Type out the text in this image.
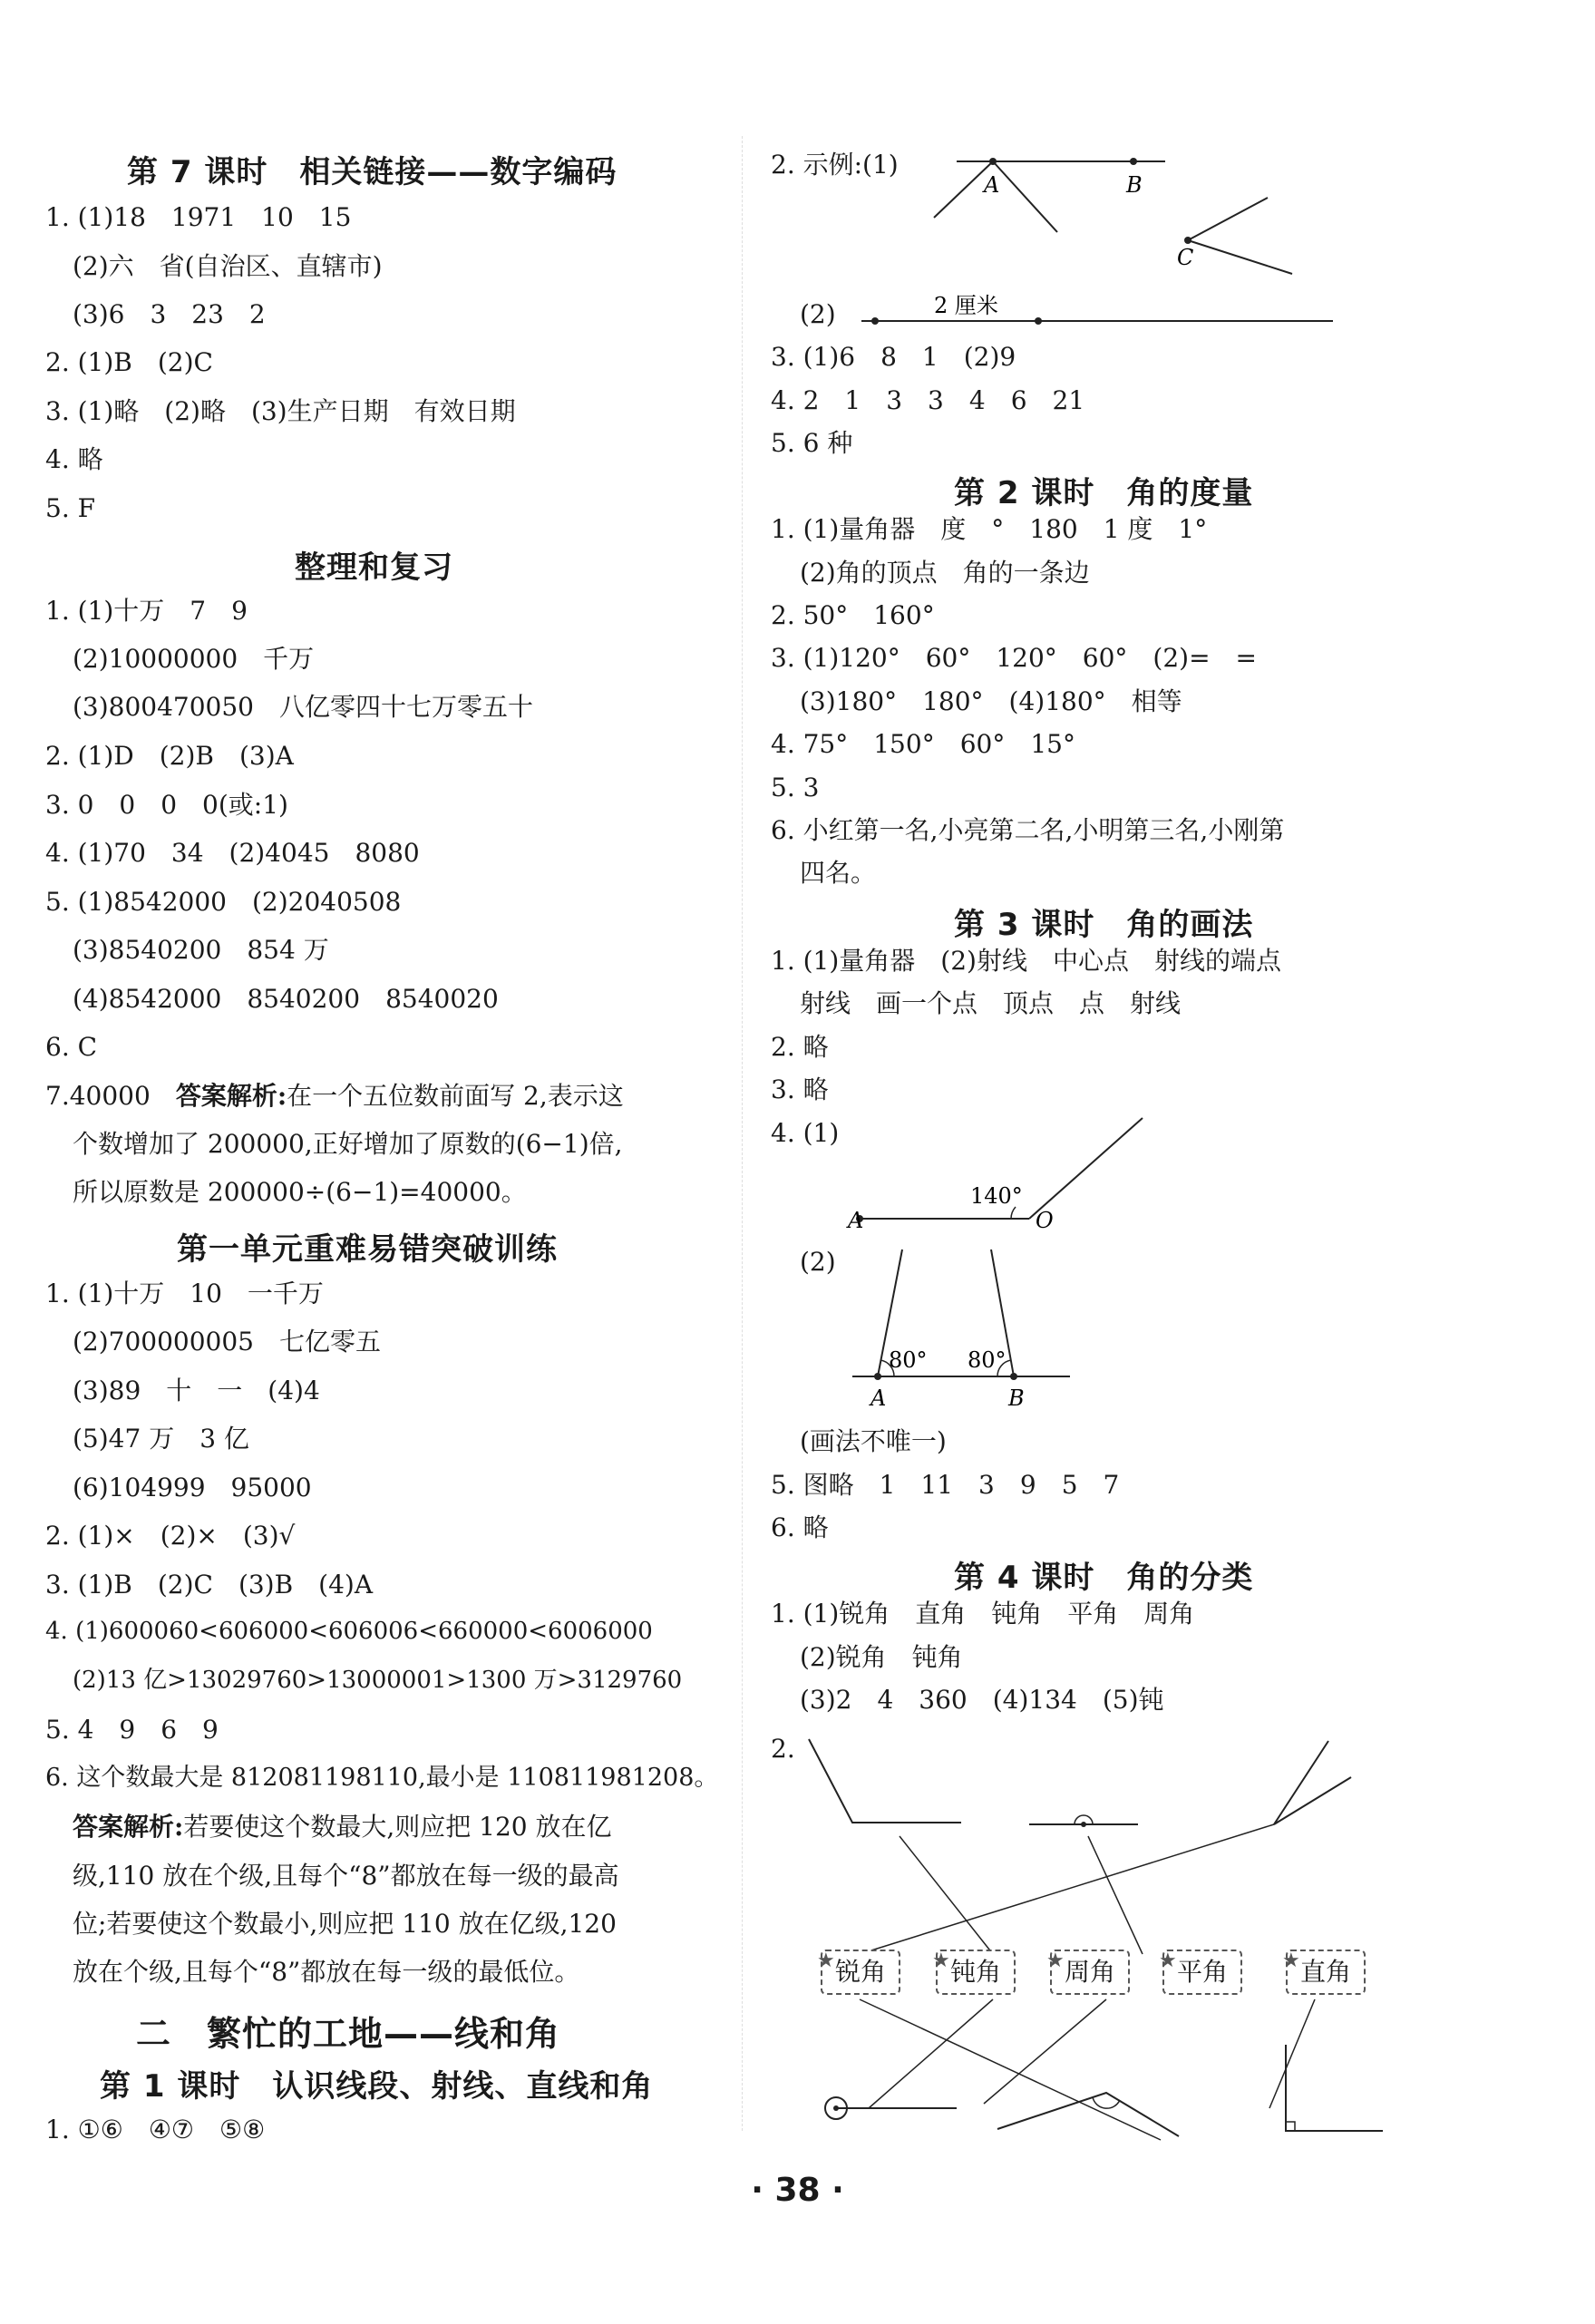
第 7 课时　相关链接——数字编码
1. (1)18　1971　10　15
(2)六　省(自治区、直辖市)
(3)6　3　23　2
2. (1)B　(2)C
3. (1)略　(2)略　(3)生产日期　有效日期
4. 略
5. F
整理和复习
1. (1)十万　7　9
(2)10000000　千万
(3)800470050　八亿零四十七万零五十
2. (1)D　(2)B　(3)A
3. 0　0　0　0(或:1)
4. (1)70　34　(2)4045　8080
5. (1)8542000　(2)2040508
(3)8540200　854 万
(4)8542000　8540200　8540020
6. C
7.40000　 答案解析:在一个五位数前面写 2,表示这
个数增加了 200000,正好增加了原数的(6−1)倍,
所以原数是 200000÷(6−1)=40000。
第一单元重难易错突破训练
1. (1)十万　10　一千万
(2)700000005　七亿零五
(3)89　十　一　(4)4
(5)47 万　3 亿
(6)104999　95000
2. (1)×　(2)×　(3)√
3. (1)B　(2)C　(3)B　(4)A
4. (1)600060<606000<606006<660000<6006000
(2)13 亿>13029760>13000001>1300 万>3129760
5. 4　9　6　9
6. 这个数最大是 812081198110,最小是 110811981208。
答案解析:若要使这个数最大,则应把 120 放在亿
级,110 放在个级,且每个“8”都放在每一级的最高
位;若要使这个数最小,则应把 110 放在亿级,120
放在个级,且每个“8”都放在每一级的最低位。
二　繁忙的工地——线和角
第 1 课时　认识线段、射线、直线和角
1. ①⑥　④⑦　⑤⑧
2. 示例:(1)
A	B
C
2 厘米
(2)
3. (1)6　8　1　(2)9
4. 2　1　3　3　4　6　21
5. 6 种
第 2 课时　角的度量
1. (1)量角器　度　°　180　1 度　1°
(2)角的顶点　角的一条边
2. 50°　160°
3. (1)120°　60°　120°　60°　(2)=　=
(3)180°　180°　(4)180°　相等
4. 75°　150°　60°　15°
5. 3
6. 小红第一名,小亮第二名,小明第三名,小刚第
四名。
第 3 课时　角的画法
1. (1)量角器　(2)射线　中心点　射线的端点
射线　画一个点　顶点　点　射线
2. 略
3. 略
4. (1)
140°
A	O
80° 80°
A	B
(2)
(画法不唯一)
5. 图略　1　11　3　9　5　7
6. 略
第 4 课时　角的分类
1. (1)锐角　直角　钝角　平角　周角
(2)锐角　钝角
(3)2　4　360　(4)134　(5)钝
2.
★ 锐角	★ 钝角	★ 周角	★ 平角	★ 直角
· 38 ·
